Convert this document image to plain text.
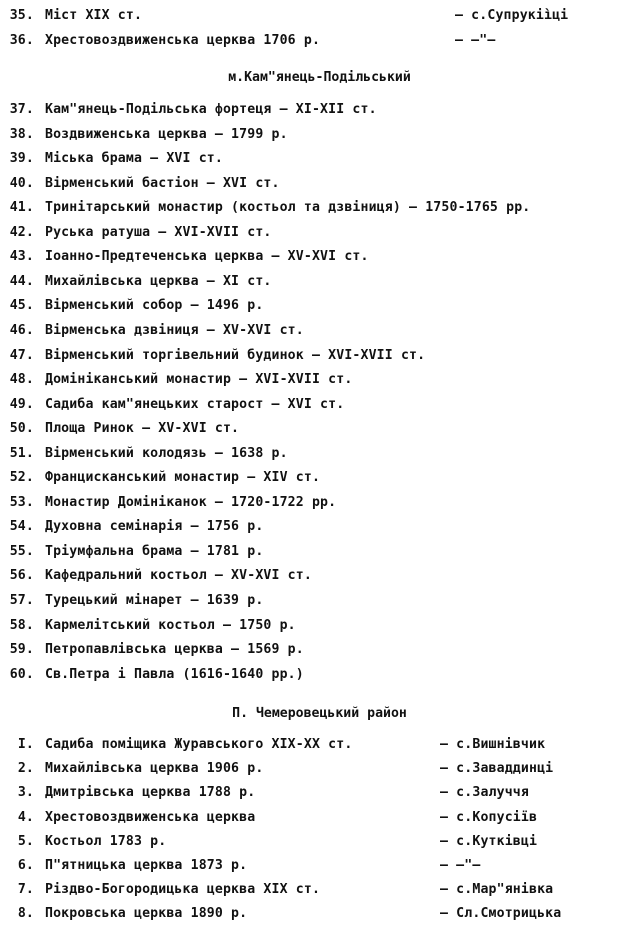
35. Міст XIX ст.	– с.Супрукіìці
36. Хрестовоздвиженська церква 1706 р.	– –"–
м.Кам"янець-Подільський
37. Кам"янець-Подільська фортеця – XI-XII ст.
38. Воздвиженська церква – 1799 р.
39. Міська брама – XVI ст.
40. Вірменський бастіон – XVI ст.
41. Тринітарський монастир (костьол та дзвіниця) – 1750-1765 рр.
42. Руська ратуша – XVI-XVII ст.
43. Іоанно-Предтеченська церква – XV-XVI ст.
44. Михайлівська церква – XI ст.
45. Вірменський собор – 1496 р.
46. Вірменська дзвіниця – XV-XVI ст.
47. Вірменський торгівельний будинок – XVI-XVII ст.
48. Домініканський монастир – XVI-XVII ст.
49. Садиба кам"янецьких старост – XVI ст.
50. Площа Ринок – XV-XVI ст.
51. Вірменський колодязь – 1638 р.
52. Францисканський монастир – XIV ст.
53. Монастир Домініканок – 1720-1722 рр.
54. Духовна семінарія – 1756 р.
55. Тріумфальна брама – 1781 р.
56. Кафедральний костьол – XV-XVI ст.
57. Турецький мінарет – 1639 р.
58. Кармелітський костьол – 1750 р.
59. Петропавлівська церква – 1569 р.
60. Св.Петра і Павла (1616-1640 рр.)
П. Чемеровецький район
I. Садиба поміщика Журавського XIX-XX ст.	– с.Вишнівчик
2. Михайлівська церква 1906 р.	– с.Заваддинці
3. Дмитрівська церква 1788 р.	– с.Залуччя
4. Хрестовоздвиженська церква	– с.Копусіїв
5. Костьол 1783 р.	– с.Кутківці
6. П"ятницька церква 1873 р.	– –"–
7. Різдво-Богородицька церква XIX ст.	– с.Мар"янівка
8. Покровська церква 1890 р.	– Сл.Смотрицька
